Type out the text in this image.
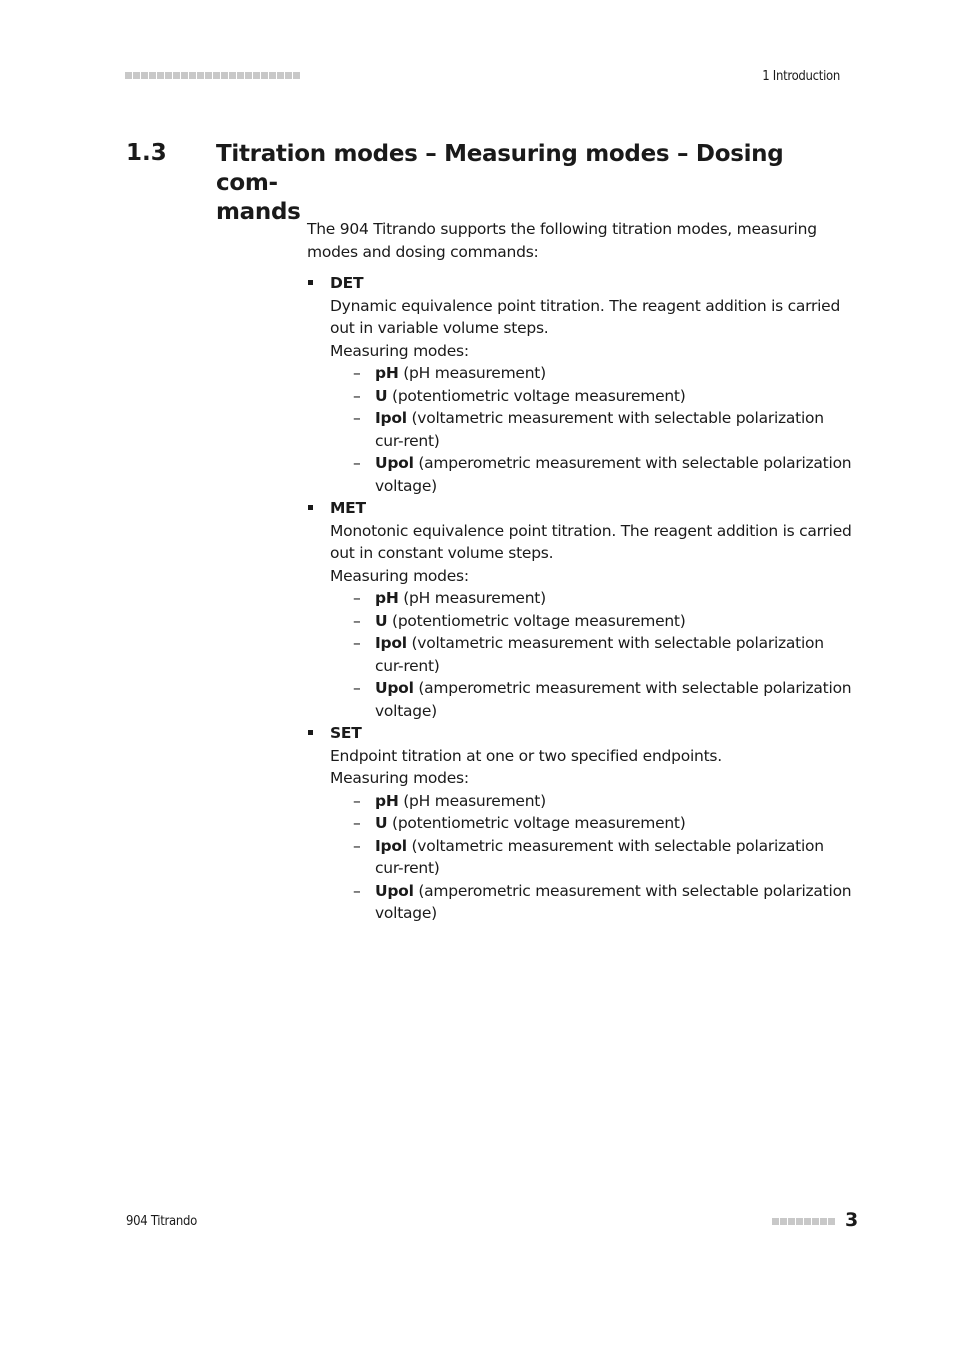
1 Introduction
1.3 Titration modes – Measuring modes – Dosing com-
mands

The 904 Titrando supports the following titration modes, measuring modes and dosing commands:

DET
Dynamic equivalence point titration. The reagent addition is carried out in variable volume steps.
Measuring modes:
– pH (pH measurement)
– U (potentiometric voltage measurement)
– Ipol (voltametric measurement with selectable polarization cur-rent)
– Upol (amperometric measurement with selectable polarization voltage)
MET
Monotonic equivalence point titration. The reagent addition is carried out in constant volume steps.
Measuring modes:
– pH (pH measurement)
– U (potentiometric voltage measurement)
– Ipol (voltametric measurement with selectable polarization cur-rent)
– Upol (amperometric measurement with selectable polarization voltage)
SET
Endpoint titration at one or two specified endpoints.
Measuring modes:
– pH (pH measurement)
– U (potentiometric voltage measurement)
– Ipol (voltametric measurement with selectable polarization cur-rent)
– Upol (amperometric measurement with selectable polarization voltage)
904 Titrando	3
